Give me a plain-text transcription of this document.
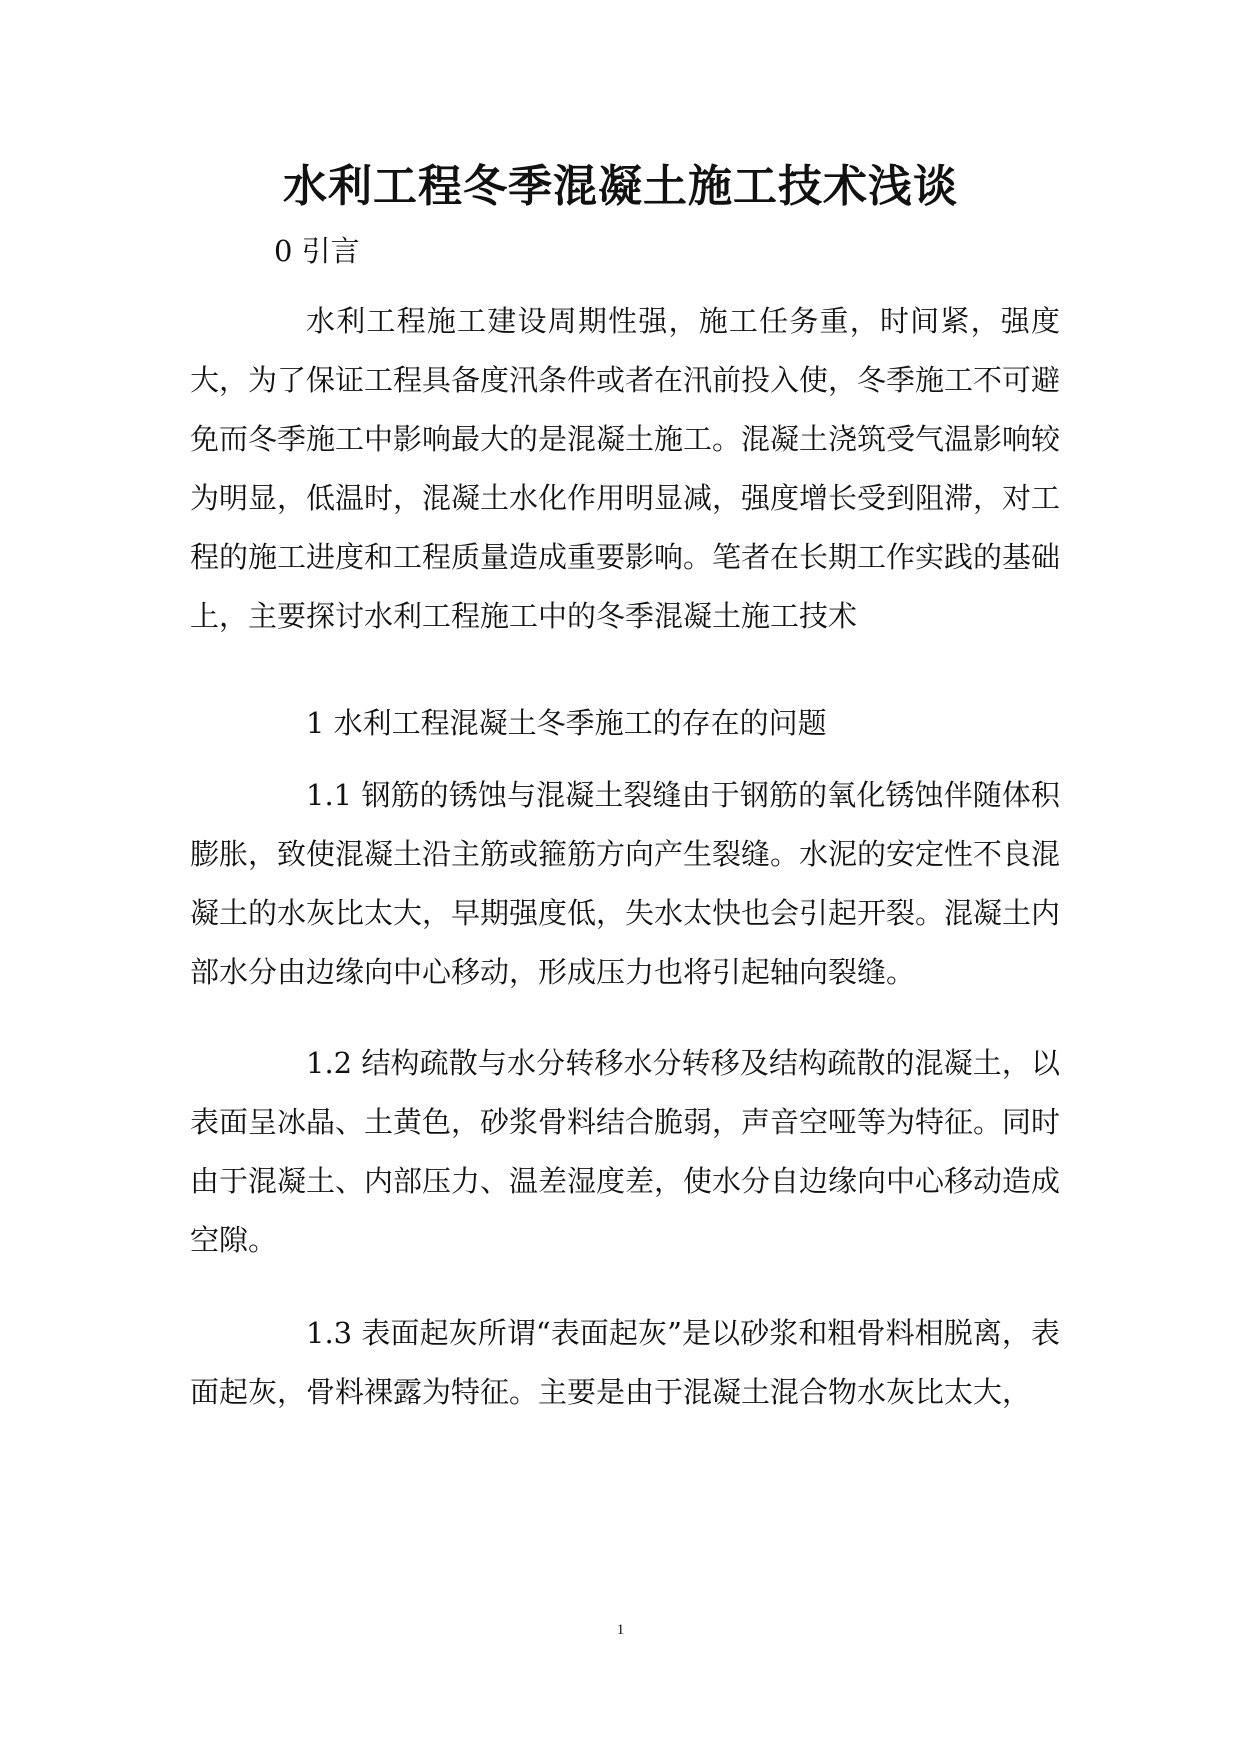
水利工程冬季混凝土施工技术浅谈

0 引言

水利工程施工建设周期性强，施工任务重，时间紧，强度大，为了保证工程具备度汛条件或者在汛前投入使，冬季施工不可避免而冬季施工中影响最大的是混凝土施工。混凝土浇筑受气温影响较为明显，低温时，混凝土水化作用明显减，强度增长受到阻滞，对工程的施工进度和工程质量造成重要影响。笔者在长期工作实践的基础上，主要探讨水利工程施工中的冬季混凝土施工技术

1 水利工程混凝土冬季施工的存在的问题

1.1 钢筋的锈蚀与混凝土裂缝由于钢筋的氧化锈蚀伴随体积膨胀，致使混凝土沿主筋或箍筋方向产生裂缝。水泥的安定性不良混凝土的水灰比太大，早期强度低，失水太快也会引起开裂。混凝土内部水分由边缘向中心移动，形成压力也将引起轴向裂缝。

1.2 结构疏散与水分转移水分转移及结构疏散的混凝土，以表面呈冰晶、土黄色，砂浆骨料结合脆弱，声音空哑等为特征。同时由于混凝土、内部压力、温差湿度差，使水分自边缘向中心移动造成空隙。

1.3 表面起灰所谓“表面起灰”是以砂浆和粗骨料相脱离，表面起灰，骨料裸露为特征。主要是由于混凝土混合物水灰比太大，

1
